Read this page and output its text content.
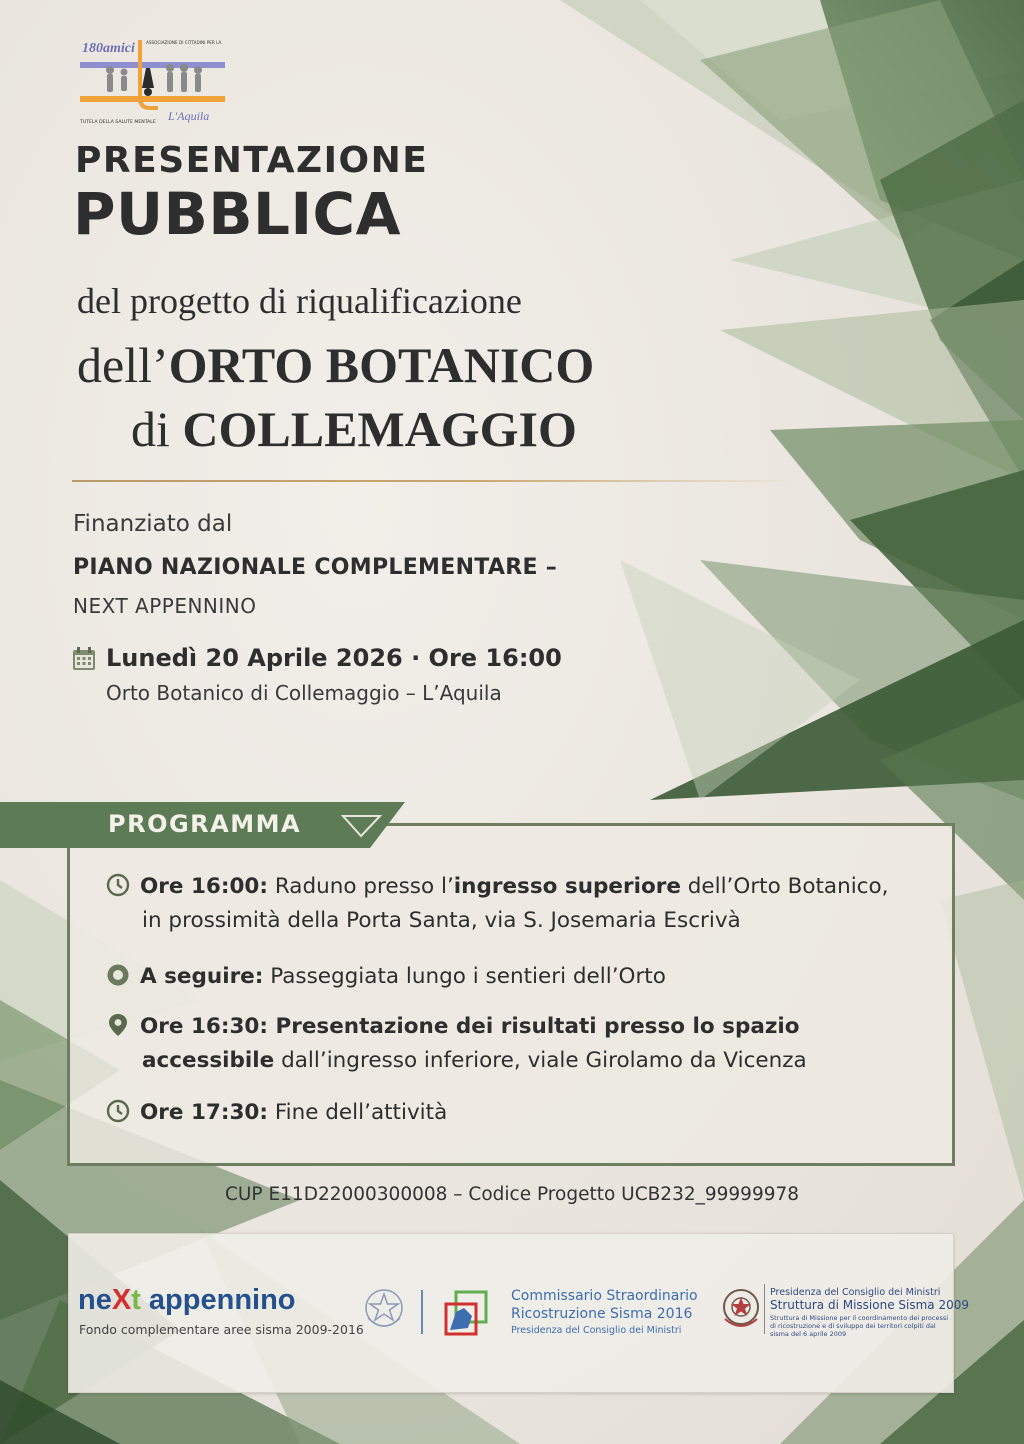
180amici	ASSOCIAZIONE DI CITTADINI PER LA
TUTELA DELLA SALUTE MENTALE L'Aquila
PRESENTAZIONE
PUBBLICA
del progetto di riqualificazione
dell’ORTO BOTANICO
di COLLEMAGGIO
Finanziato dal
PIANO NAZIONALE COMPLEMENTARE –
NEXT APPENNINO
Lunedì 20 Aprile 2026 · Ore 16:00
Orto Botanico di Collemaggio – L’Aquila
PROGRAMMA
Ore 16:00: Raduno presso l’ingresso superiore dell’Orto Botanico,
in prossimità della Porta Santa, via S. Josemaria Escrivà
A seguire: Passeggiata lungo i sentieri dell’Orto
Ore 16:30: Presentazione dei risultati presso lo spazio
accessibile dall’ingresso inferiore, viale Girolamo da Vicenza
Ore 17:30: Fine dell’attività
CUP E11D22000300008 – Codice Progetto UCB232_99999978
neXt appennino
Fondo complementare aree sisma 2009-2016
Commissario Straordinario
Ricostruzione Sisma 2016
Presidenza del Consiglio dei Ministri
Presidenza del Consiglio dei Ministri
Struttura di Missione Sisma 2009
Struttura di Missione per il coordinamento dei processi di ricostruzione e di sviluppo dei territori colpiti dal sisma del 6 aprile 2009
